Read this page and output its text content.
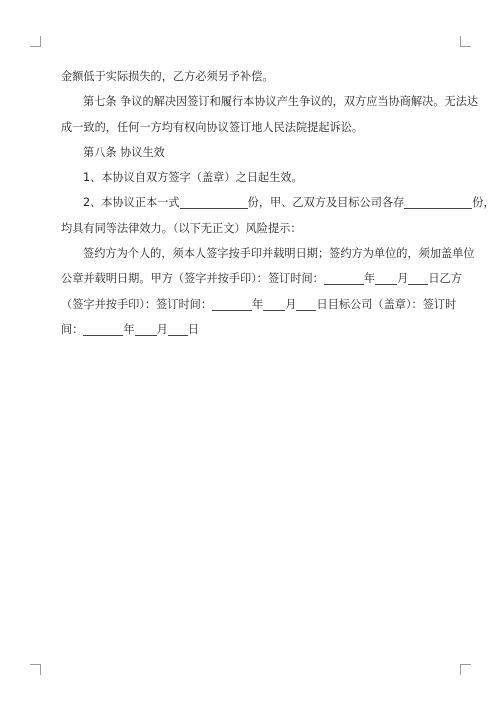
金额低于实际损失的，乙方必须另予补偿。
第七条 争议的解决因签订和履行本协议产生争议的，双方应当协商解决。无法达
成一致的，任何一方均有权向协议签订地人民法院提起诉讼。
第八条 协议生效
1、本协议自双方签字（盖章）之日起生效。
2、本协议正本一式	份，甲、乙双方及目标公司各存	份，
均具有同等法律效力。（以下无正文）风险提示：
签约方为个人的，须本人签字按手印并载明日期；签约方为单位的，须加盖单位
公章并载明日期。甲方（签字并按手印）：签订时间：	年 月 日乙方
（签字并按手印）：签订时间：	年 月 日目标公司（盖章）：签订时
间：	年 月 日
